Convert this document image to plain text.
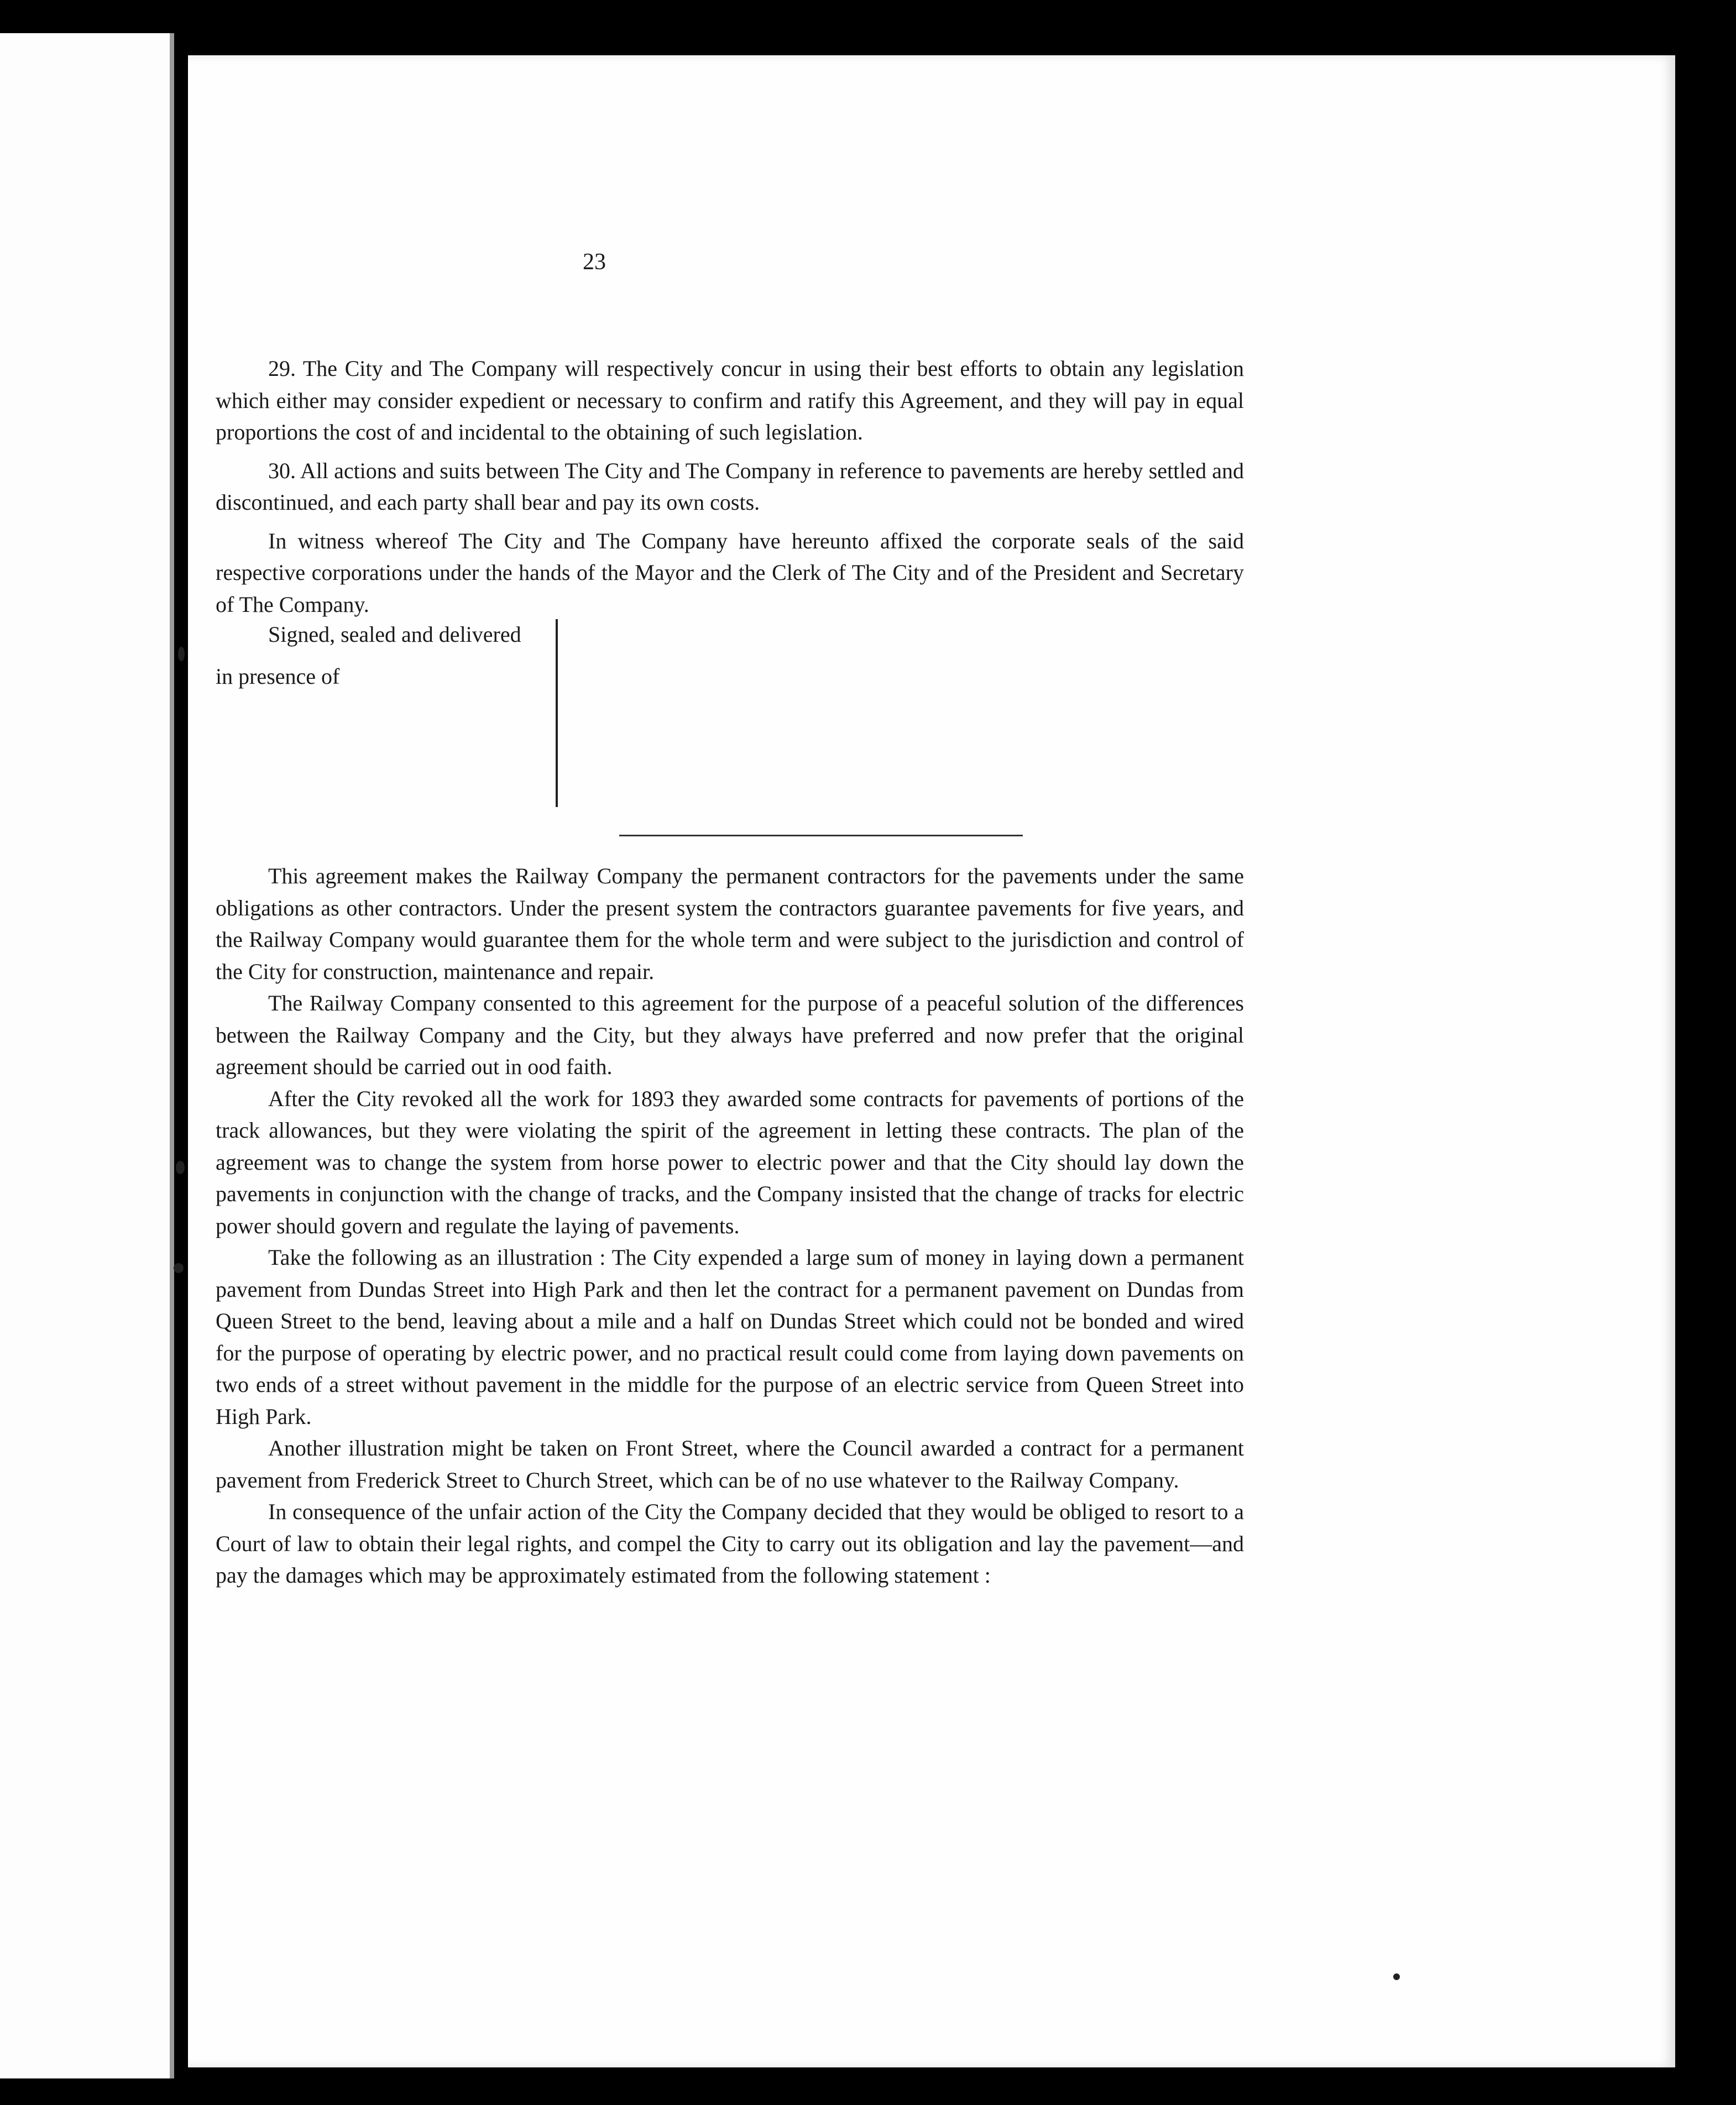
23

29. The City and The Company will respectively concur in using their best efforts to obtain any legislation which either may consider expedient or necessary to confirm and ratify this Agreement, and they will pay in equal proportions the cost of and incidental to the obtaining of such legislation.

30. All actions and suits between The City and The Company in reference to pavements are hereby settled and discontinued, and each party shall bear and pay its own costs.

In witness whereof The City and The Company have hereunto affixed the corporate seals of the said respective corporations under the hands of the Mayor and the Clerk of The City and of the President and Secretary of The Company.

Signed, sealed and delivered
in presence of

This agreement makes the Railway Company the permanent contractors for the pavements under the same obligations as other contractors. Under the present system the contractors guarantee pavements for five years, and the Railway Company would guarantee them for the whole term and were subject to the jurisdiction and control of the City for construction, maintenance and repair.

The Railway Company consented to this agreement for the purpose of a peaceful solution of the differences between the Railway Company and the City, but they always have preferred and now prefer that the original agreement should be carried out in ood faith.

After the City revoked all the work for 1893 they awarded some contracts for pavements of portions of the track allowances, but they were violating the spirit of the agreement in letting these contracts. The plan of the agreement was to change the system from horse power to electric power and that the City should lay down the pavements in conjunction with the change of tracks, and the Company insisted that the change of tracks for electric power should govern and regulate the laying of pavements.

Take the following as an illustration : The City expended a large sum of money in laying down a permanent pavement from Dundas Street into High Park and then let the contract for a permanent pavement on Dundas from Queen Street to the bend, leaving about a mile and a half on Dundas Street which could not be bonded and wired for the purpose of operating by electric power, and no practical result could come from laying down pavements on two ends of a street without pavement in the middle for the purpose of an electric service from Queen Street into High Park.

Another illustration might be taken on Front Street, where the Council awarded a contract for a permanent pavement from Frederick Street to Church Street, which can be of no use whatever to the Railway Company.

In consequence of the unfair action of the City the Company decided that they would be obliged to resort to a Court of law to obtain their legal rights, and compel the City to carry out its obligation and lay the pavement—and pay the damages which may be approximately estimated from the following statement :
